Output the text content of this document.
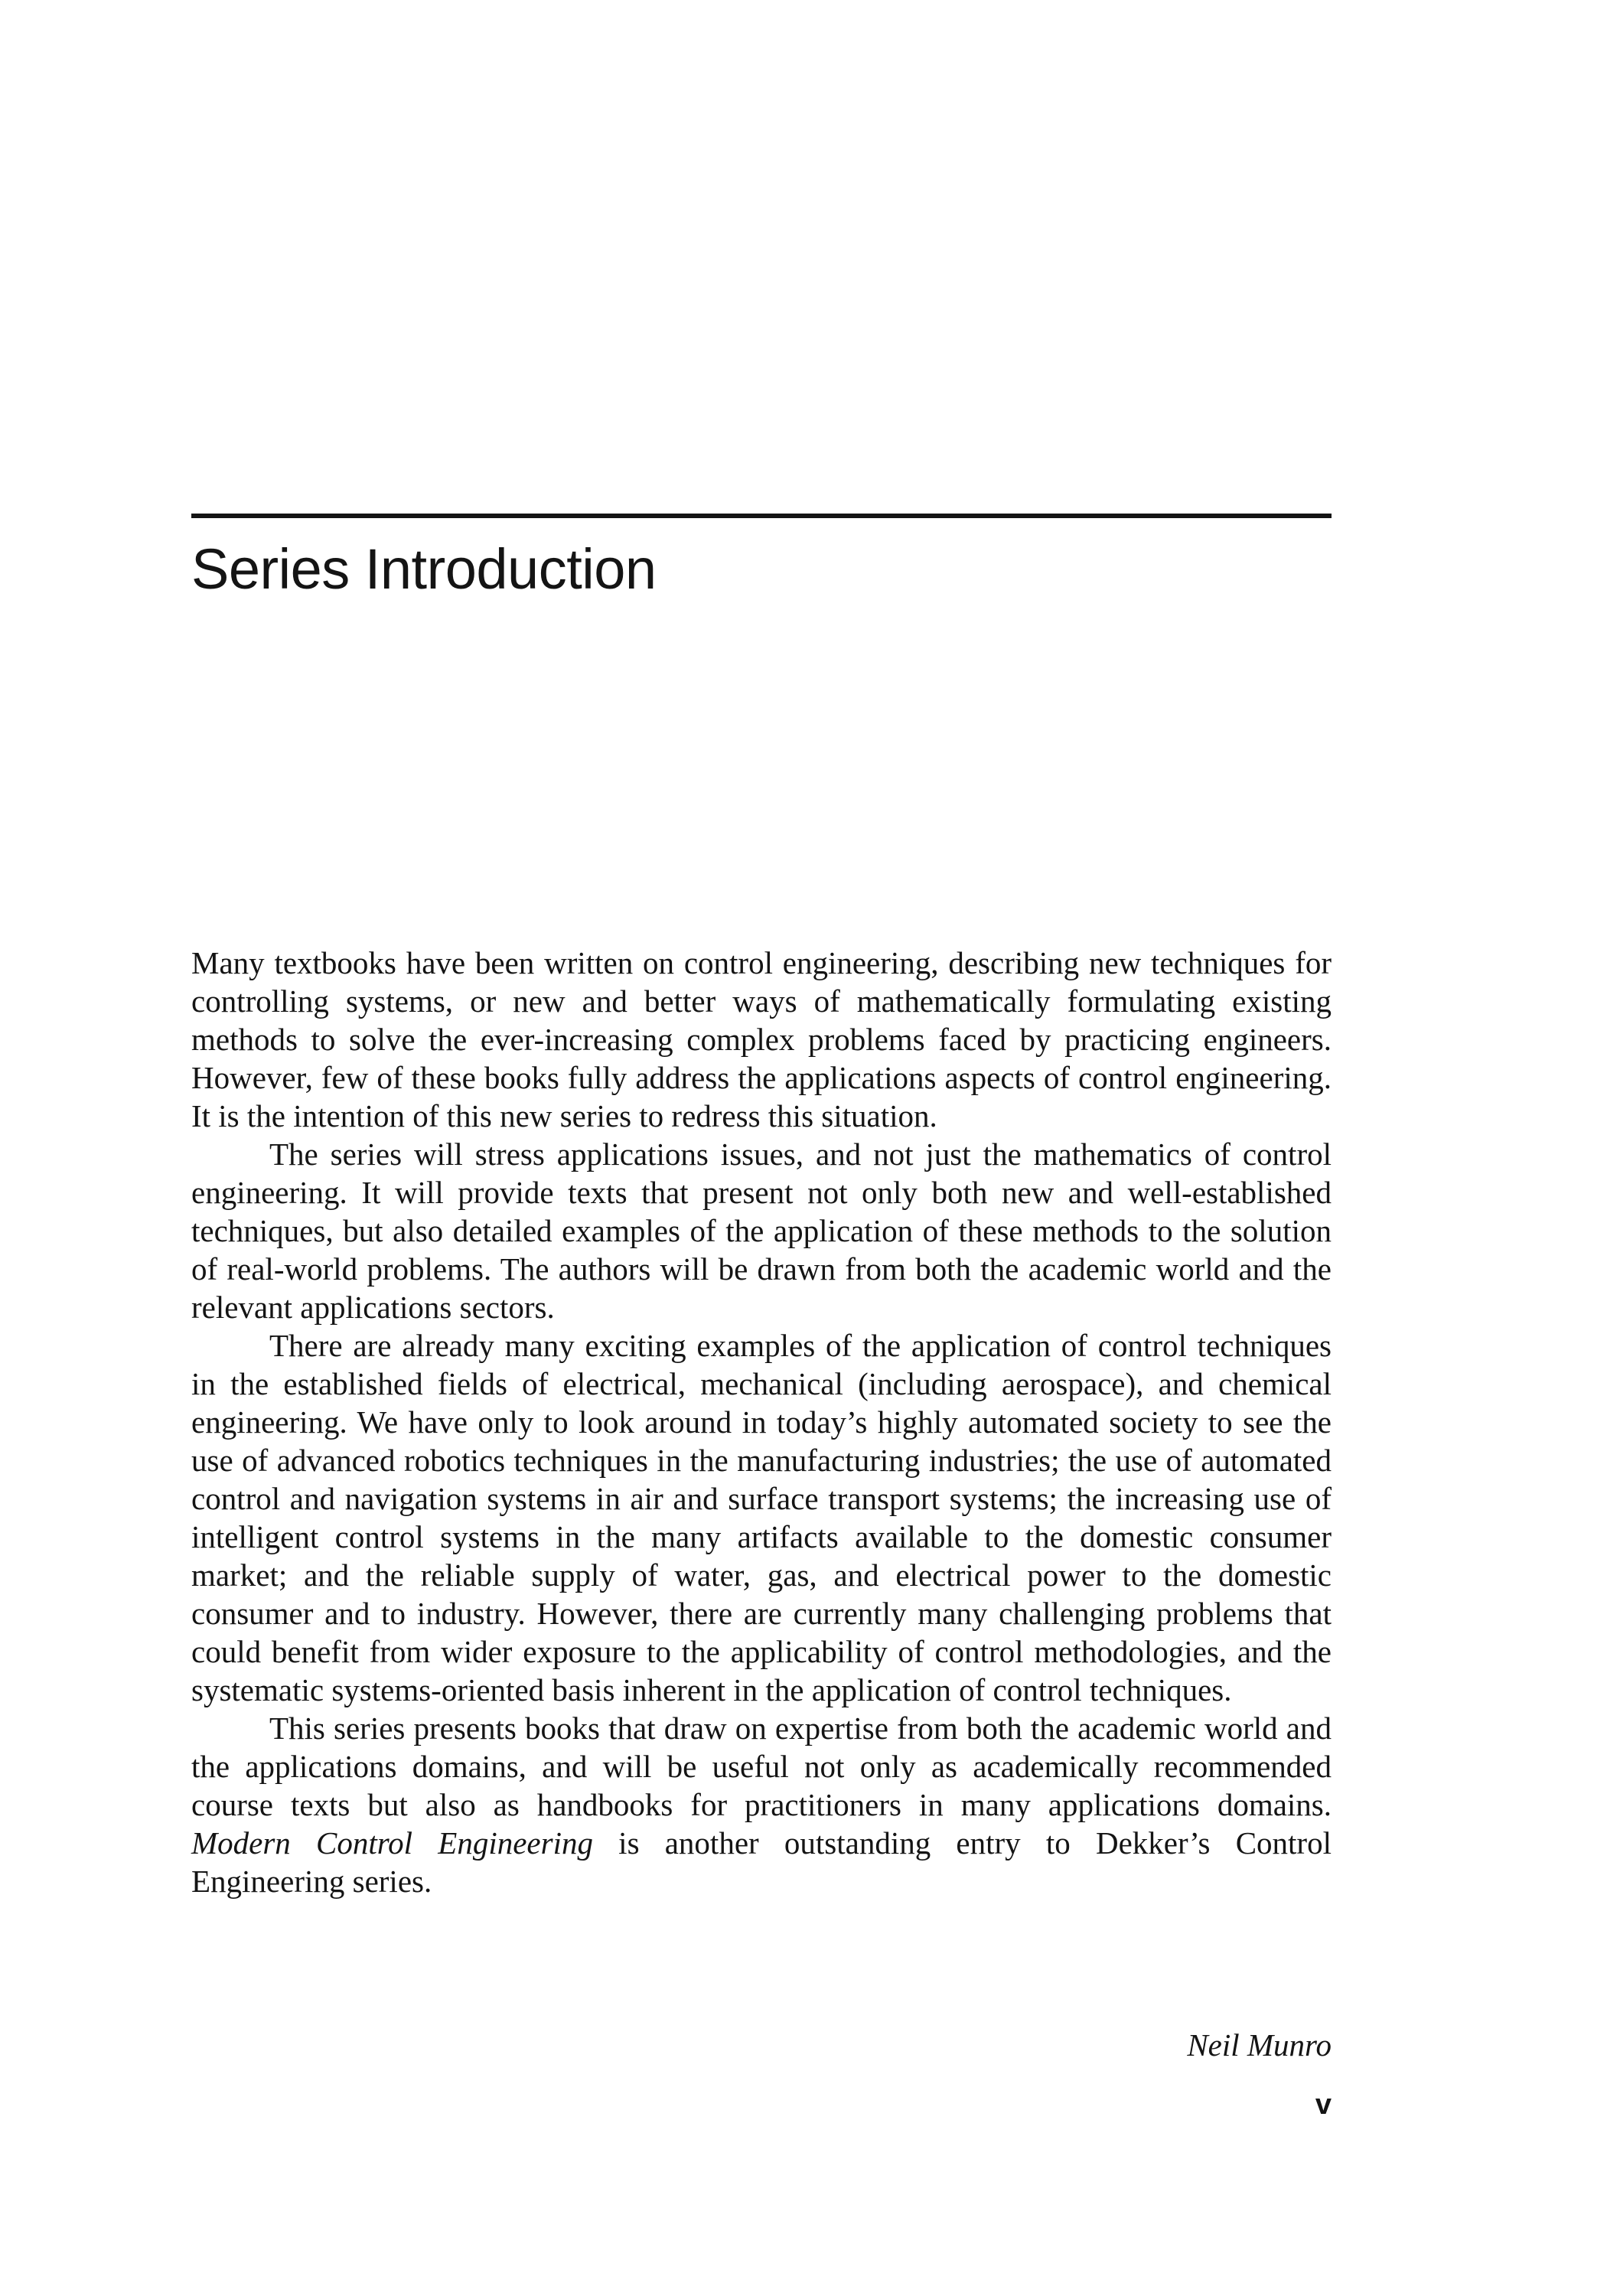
Series Introduction

Many textbooks have been written on control engineering, describing new techniques for controlling systems, or new and better ways of mathematically formulating existing methods to solve the ever-increasing complex problems faced by practicing engineers. However, few of these books fully address the applications aspects of control engineering. It is the intention of this new series to redress this situation.

The series will stress applications issues, and not just the mathematics of control engineering. It will provide texts that present not only both new and well-established techniques, but also detailed examples of the application of these methods to the solution of real-world problems. The authors will be drawn from both the academic world and the relevant applications sectors.

There are already many exciting examples of the application of control techniques in the established fields of electrical, mechanical (including aerospace), and chemical engineering. We have only to look around in today’s highly automated society to see the use of advanced robotics techniques in the manufacturing industries; the use of automated control and navigation systems in air and surface transport systems; the increasing use of intelligent control systems in the many artifacts available to the domestic consumer market; and the reliable supply of water, gas, and electrical power to the domestic consumer and to industry. However, there are currently many challenging problems that could benefit from wider exposure to the applicability of control methodologies, and the systematic systems-oriented basis inherent in the application of control techniques.

This series presents books that draw on expertise from both the academic world and the applications domains, and will be useful not only as academically recommended course texts but also as handbooks for practitioners in many applications domains. Modern Control Engineering is another outstanding entry to Dekker’s Control Engineering series.

Neil Munro
v
